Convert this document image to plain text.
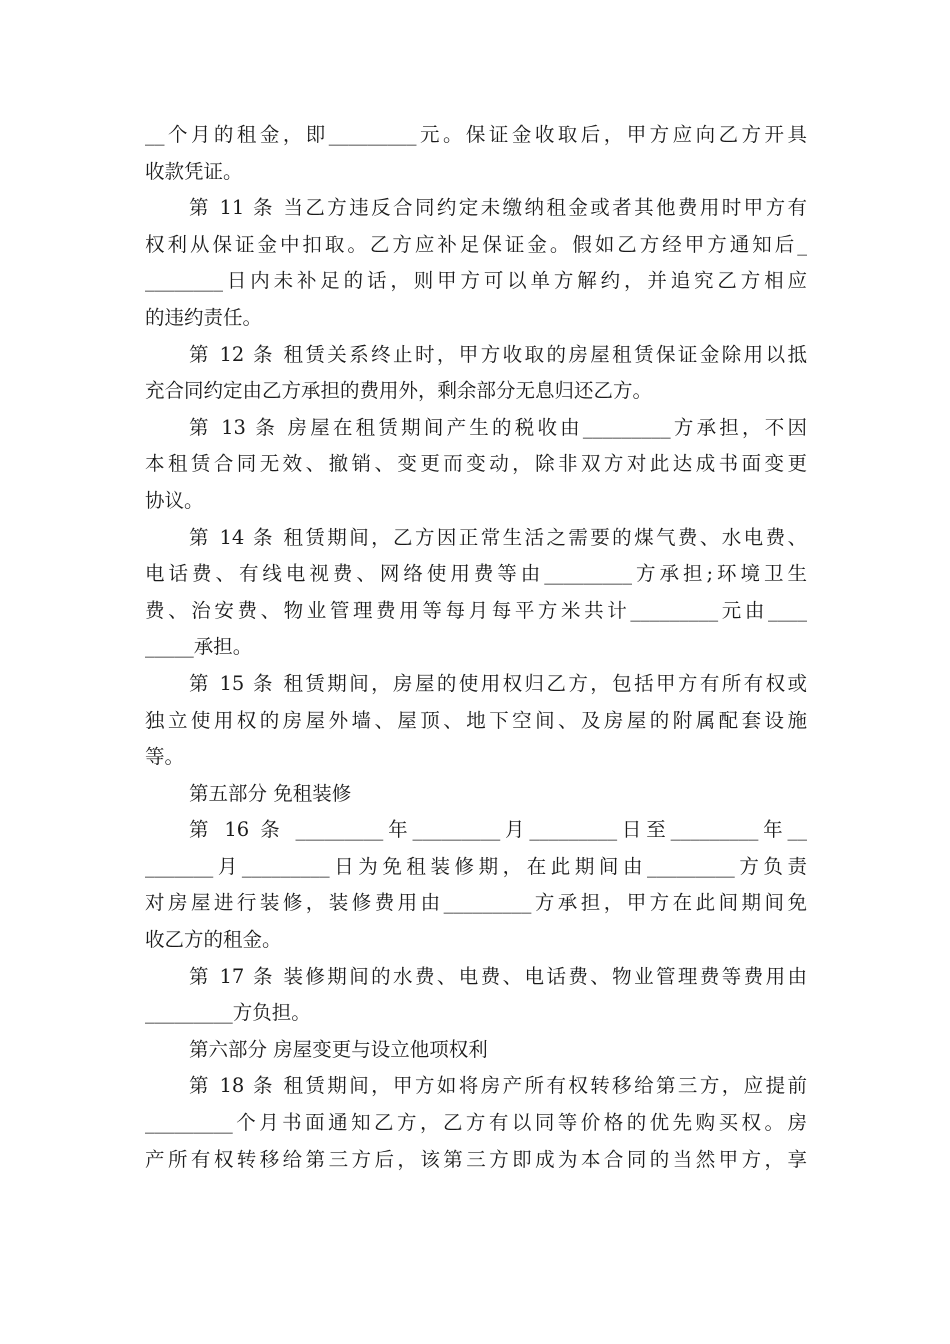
__个月的租金，即_________元。保证金收取后，甲方应向乙方开具
收款凭证。
第 11 条 当乙方违反合同约定未缴纳租金或者其他费用时甲方有
权利从保证金中扣取。乙方应补足保证金。假如乙方经甲方通知后_
________日内未补足的话，则甲方可以单方解约，并追究乙方相应
的违约责任。
第 12 条 租赁关系终止时，甲方收取的房屋租赁保证金除用以抵
充合同约定由乙方承担的费用外，剩余部分无息归还乙方。
第 13 条 房屋在租赁期间产生的税收由_________方承担，不因
本租赁合同无效、撤销、变更而变动，除非双方对此达成书面变更
协议。
第 14 条 租赁期间，乙方因正常生活之需要的煤气费、水电费、
电话费、有线电视费、网络使用费等由_________方承担;环境卫生
费、治安费、物业管理费用等每月每平方米共计_________元由____
_____承担。
第 15 条 租赁期间，房屋的使用权归乙方，包括甲方有所有权或
独立使用权的房屋外墙、屋顶、地下空间、及房屋的附属配套设施
等。
第五部分 免租装修
第 16 条 _________年_________月_________日至_________年__
_______月_________日为免租装修期，在此期间由_________方负责
对房屋进行装修，装修费用由_________方承担，甲方在此间期间免
收乙方的租金。
第 17 条 装修期间的水费、电费、电话费、物业管理费等费用由
_________方负担。
第六部分 房屋变更与设立他项权利
第 18 条 租赁期间，甲方如将房产所有权转移给第三方，应提前
_________个月书面通知乙方，乙方有以同等价格的优先购买权。房
产所有权转移给第三方后，该第三方即成为本合同的当然甲方，享
